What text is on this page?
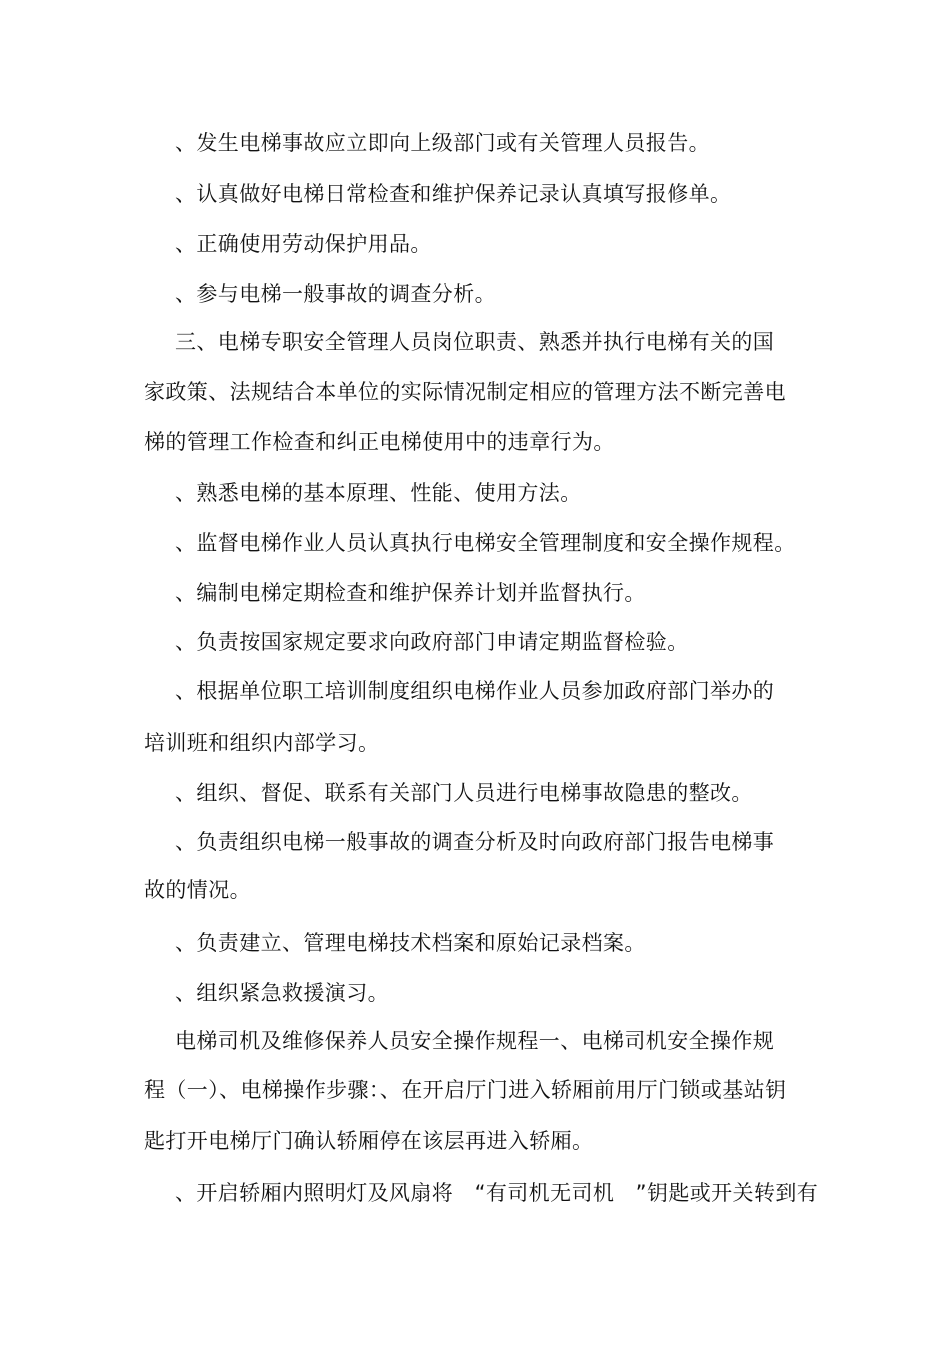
、发生电梯事故应立即向上级部门或有关管理人员报告。
、认真做好电梯日常检查和维护保养记录认真填写报修单。
、正确使用劳动保护用品。
、参与电梯一般事故的调查分析。
三、电梯专职安全管理人员岗位职责、熟悉并执行电梯有关的国
家政策、法规结合本单位的实际情况制定相应的管理方法不断完善电
梯的管理工作检查和纠正电梯使用中的违章行为。
、熟悉电梯的基本原理、性能、使用方法。
、监督电梯作业人员认真执行电梯安全管理制度和安全操作规程。
、编制电梯定期检查和维护保养计划并监督执行。
、负责按国家规定要求向政府部门申请定期监督检验。
、根据单位职工培训制度组织电梯作业人员参加政府部门举办的
培训班和组织内部学习。
、组织、督促、联系有关部门人员进行电梯事故隐患的整改。
、负责组织电梯一般事故的调查分析及时向政府部门报告电梯事
故的情况。
、负责建立、管理电梯技术档案和原始记录档案。
、组织紧急救援演习。
电梯司机及维修保养人员安全操作规程一、电梯司机安全操作规
程（一）、电梯操作步骤：、在开启厅门进入轿厢前用厅门锁或基站钥
匙打开电梯厅门确认轿厢停在该层再进入轿厢。
、开启轿厢内照明灯及风扇将　“有司机无司机　”钥匙或开关转到有
